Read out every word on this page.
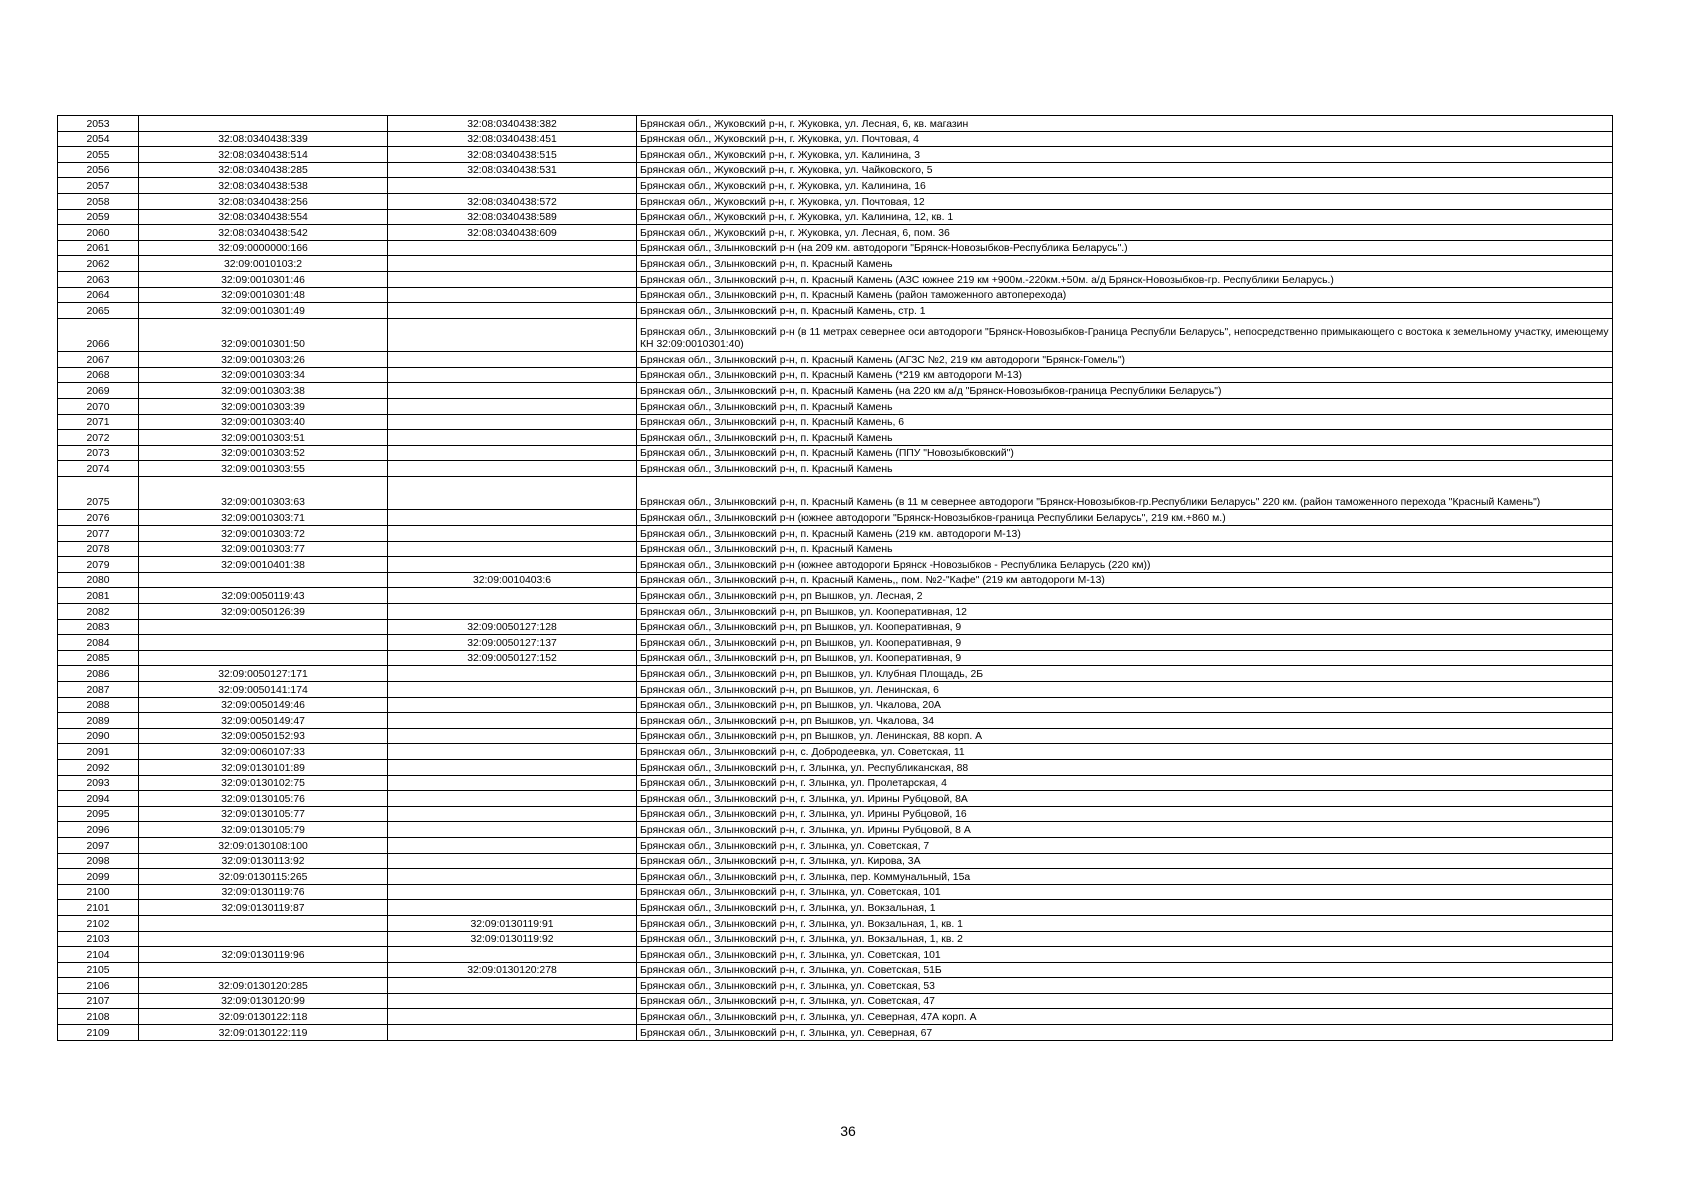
2053		32:08:0340438:382	Брянская обл., Жуковский р-н, г. Жуковка, ул. Лесная, 6, кв. магазин
2054	32:08:0340438:339	32:08:0340438:451	Брянская обл., Жуковский р-н, г. Жуковка, ул. Почтовая, 4
2055	32:08:0340438:514	32:08:0340438:515	Брянская обл., Жуковский р-н, г. Жуковка, ул. Калинина, 3
2056	32:08:0340438:285	32:08:0340438:531	Брянская обл., Жуковский р-н, г. Жуковка, ул. Чайковского, 5
2057	32:08:0340438:538		Брянская обл., Жуковский р-н, г. Жуковка, ул. Калинина, 16
2058	32:08:0340438:256	32:08:0340438:572	Брянская обл., Жуковский р-н, г. Жуковка, ул. Почтовая, 12
2059	32:08:0340438:554	32:08:0340438:589	Брянская обл., Жуковский р-н, г. Жуковка, ул. Калинина, 12, кв. 1
2060	32:08:0340438:542	32:08:0340438:609	Брянская обл., Жуковский р-н, г. Жуковка, ул. Лесная, 6, пом. 36
2061	32:09:0000000:166		Брянская обл., Злынковский р-н (на 209 км. автодороги "Брянск-Новозыбков-Республика Беларусь".)
2062	32:09:0010103:2		Брянская обл., Злынковский р-н, п. Красный Камень
2063	32:09:0010301:46		Брянская обл., Злынковский р-н, п. Красный Камень (АЗС южнее 219 км +900м.-220км.+50м. а/д Брянск-Новозыбков-гр. Республики Беларусь.)
2064	32:09:0010301:48		Брянская обл., Злынковский р-н, п. Красный Камень (район таможенного автоперехода)
2065	32:09:0010301:49		Брянская обл., Злынковский р-н, п. Красный Камень, стр. 1
2066	32:09:0010301:50		Брянская обл., Злынковский р-н (в 11 метрах севернее оси автодороги "Брянск-Новозыбков-Граница Республи Беларусь", непосредственно примыкающего с востока к земельному участку, имеющему КН 32:09:0010301:40)
2067	32:09:0010303:26		Брянская обл., Злынковский р-н, п. Красный Камень (АГЗС №2, 219 км автодороги "Брянск-Гомель")
2068	32:09:0010303:34		Брянская обл., Злынковский р-н, п. Красный Камень (*219 км автодороги М-13)
2069	32:09:0010303:38		Брянская обл., Злынковский р-н, п. Красный Камень (на 220 км а/д "Брянск-Новозыбков-граница Республики Беларусь")
2070	32:09:0010303:39		Брянская обл., Злынковский р-н, п. Красный Камень
2071	32:09:0010303:40		Брянская обл., Злынковский р-н, п. Красный Камень, 6
2072	32:09:0010303:51		Брянская обл., Злынковский р-н, п. Красный Камень
2073	32:09:0010303:52		Брянская обл., Злынковский р-н, п. Красный Камень (ППУ "Новозыбковский")
2074	32:09:0010303:55		Брянская обл., Злынковский р-н, п. Красный Камень
2075	32:09:0010303:63		Брянская обл., Злынковский р-н, п. Красный Камень (в 11 м севернее автодороги "Брянск-Новозыбков-гр.Республики Беларусь" 220 км. (район таможенного перехода "Красный Камень")
2076	32:09:0010303:71		Брянская обл., Злынковский р-н (южнее автодороги "Брянск-Новозыбков-граница Республики Беларусь", 219 км.+860 м.)
2077	32:09:0010303:72		Брянская обл., Злынковский р-н, п. Красный Камень (219 км. автодороги М-13)
2078	32:09:0010303:77		Брянская обл., Злынковский р-н, п. Красный Камень
2079	32:09:0010401:38		Брянская обл., Злынковский р-н (южнее автодороги Брянск -Новозыбков - Республика Беларусь (220 км))
2080		32:09:0010403:6	Брянская обл., Злынковский р-н, п. Красный Камень,, пом. №2-"Кафе" (219 км автодороги М-13)
2081	32:09:0050119:43		Брянская обл., Злынковский р-н, рп Вышков, ул. Лесная, 2
2082	32:09:0050126:39		Брянская обл., Злынковский р-н, рп Вышков, ул. Кооперативная, 12
2083		32:09:0050127:128	Брянская обл., Злынковский р-н, рп Вышков, ул. Кооперативная, 9
2084		32:09:0050127:137	Брянская обл., Злынковский р-н, рп Вышков, ул. Кооперативная, 9
2085		32:09:0050127:152	Брянская обл., Злынковский р-н, рп Вышков, ул. Кооперативная, 9
2086	32:09:0050127:171		Брянская обл., Злынковский р-н, рп Вышков, ул. Клубная Площадь, 2Б
2087	32:09:0050141:174		Брянская обл., Злынковский р-н, рп Вышков, ул. Ленинская, 6
2088	32:09:0050149:46		Брянская обл., Злынковский р-н, рп Вышков, ул. Чкалова, 20А
2089	32:09:0050149:47		Брянская обл., Злынковский р-н, рп Вышков, ул. Чкалова, 34
2090	32:09:0050152:93		Брянская обл., Злынковский р-н, рп Вышков, ул. Ленинская, 88 корп. А
2091	32:09:0060107:33		Брянская обл., Злынковский р-н, с. Добродеевка, ул. Советская, 11
2092	32:09:0130101:89		Брянская обл., Злынковский р-н, г. Злынка, ул. Республиканская, 88
2093	32:09:0130102:75		Брянская обл., Злынковский р-н, г. Злынка, ул. Пролетарская, 4
2094	32:09:0130105:76		Брянская обл., Злынковский р-н, г. Злынка, ул. Ирины Рубцовой, 8А
2095	32:09:0130105:77		Брянская обл., Злынковский р-н, г. Злынка, ул. Ирины Рубцовой, 16
2096	32:09:0130105:79		Брянская обл., Злынковский р-н, г. Злынка, ул. Ирины Рубцовой, 8 А
2097	32:09:0130108:100		Брянская обл., Злынковский р-н, г. Злынка, ул. Советская, 7
2098	32:09:0130113:92		Брянская обл., Злынковский р-н, г. Злынка, ул. Кирова, 3А
2099	32:09:0130115:265		Брянская обл., Злынковский р-н, г. Злынка, пер. Коммунальный, 15а
2100	32:09:0130119:76		Брянская обл., Злынковский р-н, г. Злынка, ул. Советская, 101
2101	32:09:0130119:87		Брянская обл., Злынковский р-н, г. Злынка, ул. Вокзальная, 1
2102		32:09:0130119:91	Брянская обл., Злынковский р-н, г. Злынка, ул. Вокзальная, 1, кв. 1
2103		32:09:0130119:92	Брянская обл., Злынковский р-н, г. Злынка, ул. Вокзальная, 1, кв. 2
2104	32:09:0130119:96		Брянская обл., Злынковский р-н, г. Злынка, ул. Советская, 101
2105		32:09:0130120:278	Брянская обл., Злынковский р-н, г. Злынка, ул. Советская, 51Б
2106	32:09:0130120:285		Брянская обл., Злынковский р-н, г. Злынка, ул. Советская, 53
2107	32:09:0130120:99		Брянская обл., Злынковский р-н, г. Злынка, ул. Советская, 47
2108	32:09:0130122:118		Брянская обл., Злынковский р-н, г. Злынка, ул. Северная, 47А корп. А
2109	32:09:0130122:119		Брянская обл., Злынковский р-н, г. Злынка, ул. Северная, 67
36
